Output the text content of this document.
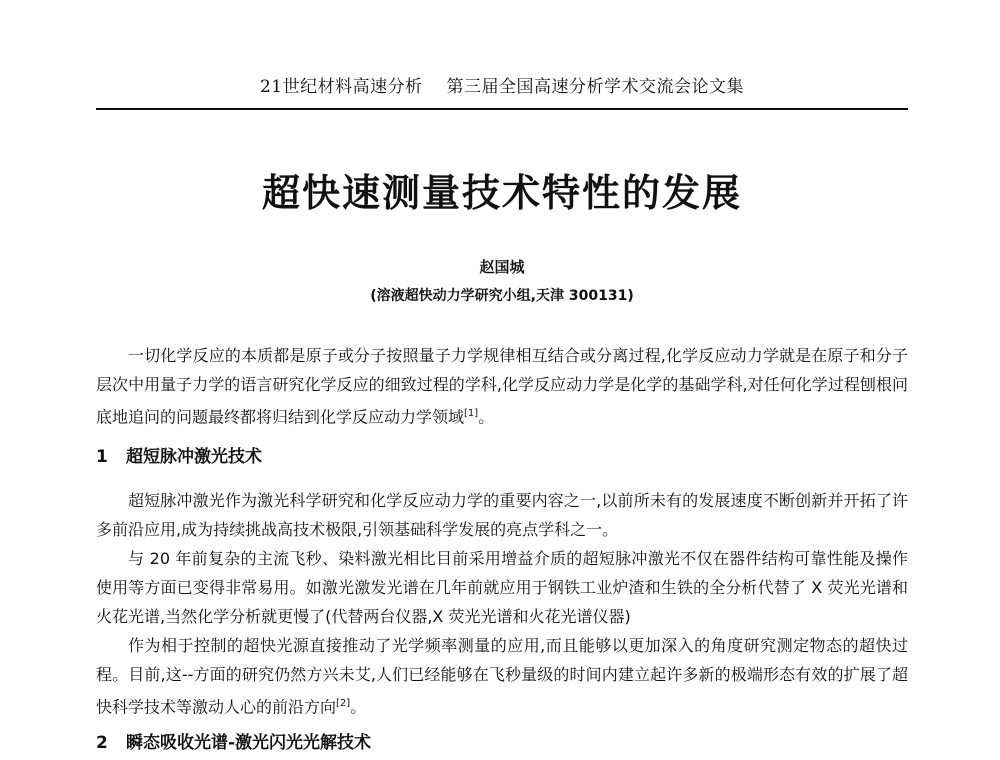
21世纪材料高速分析 第三届全国高速分析学术交流会论文集
超快速测量技术特性的发展
赵国城
(溶液超快动力学研究小组,天津 300131)

一切化学反应的本质都是原子或分子按照量子力学规律相互结合或分离过程,化学反应动力学就是在原子和分子层次中用量子力学的语言研究化学反应的细致过程的学科,化学反应动力学是化学的基础学科,对任何化学过程刨根问底地追问的问题最终都将归结到化学反应动力学领域[1]。

1 超短脉冲激光技术

超短脉冲激光作为激光科学研究和化学反应动力学的重要内容之一,以前所未有的发展速度不断创新并开拓了许多前沿应用,成为持续挑战高技术极限,引领基础科学发展的亮点学科之一。

与 20 年前复杂的主流飞秒、染料激光相比目前采用增益介质的超短脉冲激光不仅在器件结构可靠性能及操作使用等方面已变得非常易用。如激光激发光谱在几年前就应用于钢铁工业炉渣和生铁的全分析代替了 X 荧光光谱和火花光谱,当然化学分析就更慢了(代替两台仪器,X 荧光光谱和火花光谱仪器)

作为相于控制的超快光源直接推动了光学频率测量的应用,而且能够以更加深入的角度研究测定物态的超快过程。目前,这--方面的研究仍然方兴未艾,人们已经能够在飞秒量级的时间内建立起许多新的极端形态有效的扩展了超快科学技术等激动人心的前沿方向[2]。

2 瞬态吸收光谱-激光闪光光解技术
